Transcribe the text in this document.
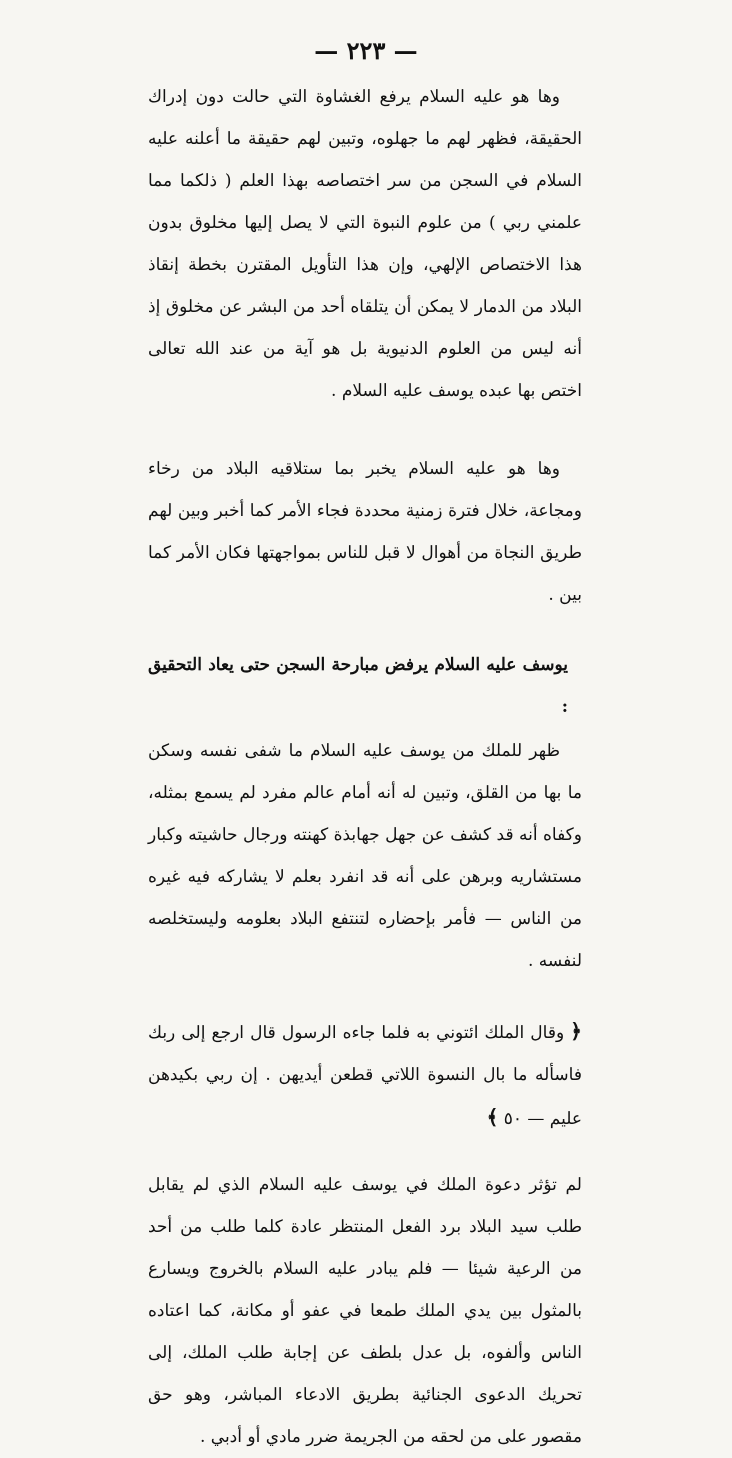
— ٢٢٣ —

وها هو عليه السلام يرفع الغشاوة التي حالت دون إدراك الحقيقة، فظهر لهم ما جهلوه، وتبين لهم حقيقة ما أعلنه عليه السلام في السجن من سر اختصاصه بهذا العلم ( ذلكما مما علمني ربي ) من علوم النبوة التي لا يصل إليها مخلوق بدون هذا الاختصاص الإلهي، وإن هذا التأويل المقترن بخطة إنقاذ البلاد من الدمار لا يمكن أن يتلقاه أحد من البشر عن مخلوق إذ أنه ليس من العلوم الدنيوية بل هو آية من عند الله تعالى اختص بها عبده يوسف عليه السلام .

وها هو عليه السلام يخبر بما ستلاقيه البلاد من رخاء ومجاعة، خلال فترة زمنية محددة فجاء الأمر كما أخبر وبين لهم طريق النجاة من أهوال لا قبل للناس بمواجهتها فكان الأمر كما بين .

يوسف عليه السلام يرفض مبارحة السجن حتى يعاد التحقيق :

ظهر للملك من يوسف عليه السلام ما شفى نفسه وسكن ما بها من القلق، وتبين له أنه أمام عالم مفرد لم يسمع بمثله، وكفاه أنه قد كشف عن جهل جهابذة كهنته ورجال حاشيته وكبار مستشاريه وبرهن على أنه قد انفرد بعلم لا يشاركه فيه غيره من الناس — فأمر بإحضاره لتنتفع البلاد بعلومه وليستخلصه لنفسه .

﴿ وقال الملك ائتوني به فلما جاءه الرسول قال ارجع إلى ربك فاسأله ما بال النسوة اللاتي قطعن أيديهن . إن ربي بكيدهن عليم — ٥٠ ﴾

لم تؤثر دعوة الملك في يوسف عليه السلام الذي لم يقابل طلب سيد البلاد برد الفعل المنتظر عادة كلما طلب من أحد من الرعية شيئا — فلم يبادر عليه السلام بالخروج ويسارع بالمثول بين يدي الملك طمعا في عفو أو مكانة، كما اعتاده الناس وألفوه، بل عدل بلطف عن إجابة طلب الملك، إلى تحريك الدعوى الجنائية بطريق الادعاء المباشر، وهو حق مقصور على من لحقه من الجريمة ضرر مادي أو أدبي .
